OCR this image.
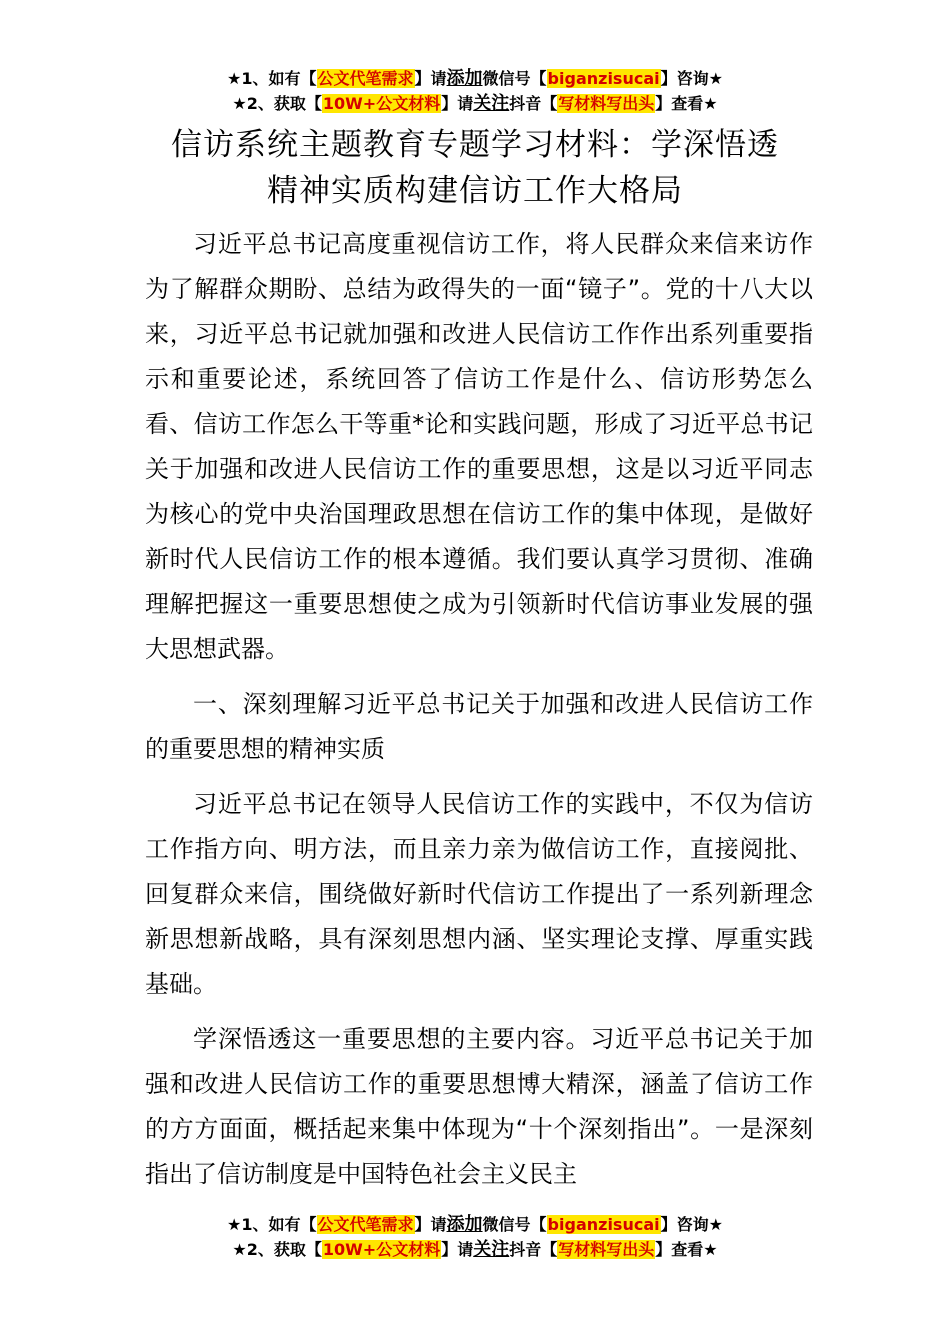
★1、如有【公文代笔需求】请添加微信号【biganzisucai】咨询★
★2、获取【10W+公文材料】请关注抖音【写材料写出头】查看★
信访系统主题教育专题学习材料：学深悟透
精神实质构建信访工作大格局

习近平总书记高度重视信访工作，将人民群众来信来访作为了解群众期盼、总结为政得失的一面“镜子”。党的十八大以来，习近平总书记就加强和改进人民信访工作作出系列重要指示和重要论述，系统回答了信访工作是什么、信访形势怎么看、信访工作怎么干等重*论和实践问题，形成了习近平总书记关于加强和改进人民信访工作的重要思想，这是以习近平同志为核心的党中央治国理政思想在信访工作的集中体现，是做好新时代人民信访工作的根本遵循。我们要认真学习贯彻、准确理解把握这一重要思想使之成为引领新时代信访事业发展的强大思想武器。

一、深刻理解习近平总书记关于加强和改进人民信访工作的重要思想的精神实质

习近平总书记在领导人民信访工作的实践中，不仅为信访工作指方向、明方法，而且亲力亲为做信访工作，直接阅批、回复群众来信，围绕做好新时代信访工作提出了一系列新理念新思想新战略，具有深刻思想内涵、坚实理论支撑、厚重实践基础。

学深悟透这一重要思想的主要内容。习近平总书记关于加强和改进人民信访工作的重要思想博大精深，涵盖了信访工作的方方面面，概括起来集中体现为“十个深刻指出”。一是深刻指出了信访制度是中国特色社会主义民主

★1、如有【公文代笔需求】请添加微信号【biganzisucai】咨询★
★2、获取【10W+公文材料】请关注抖音【写材料写出头】查看★
